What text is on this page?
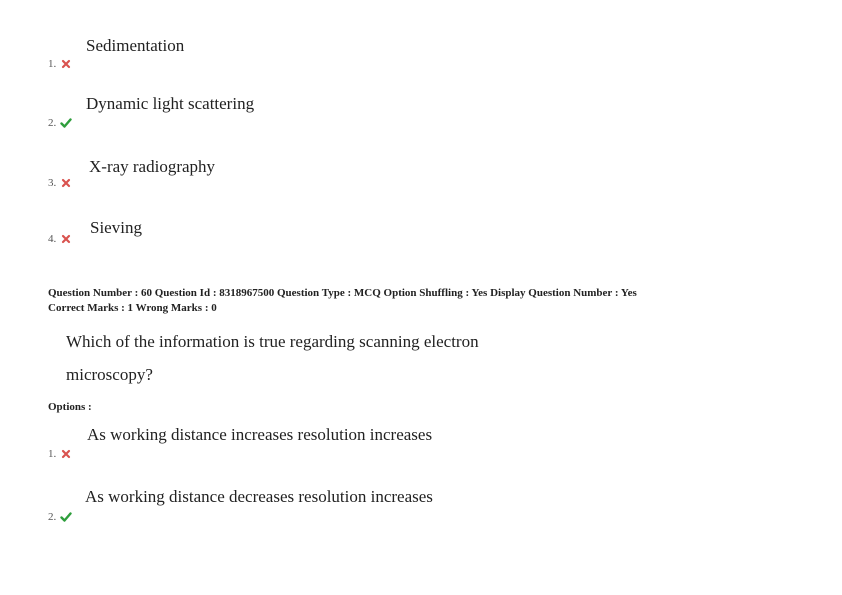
Sedimentation
1.
Dynamic light scattering
2.
X-ray radiography
3.
Sieving
4.
Question Number : 60 Question Id : 8318967500 Question Type : MCQ Option Shuffling : Yes Display Question Number : Yes
Correct Marks : 1 Wrong Marks : 0
Which of the information is true regarding scanning electron
microscopy?
Options :
As working distance increases resolution increases
1.
As working distance decreases resolution increases
2.
